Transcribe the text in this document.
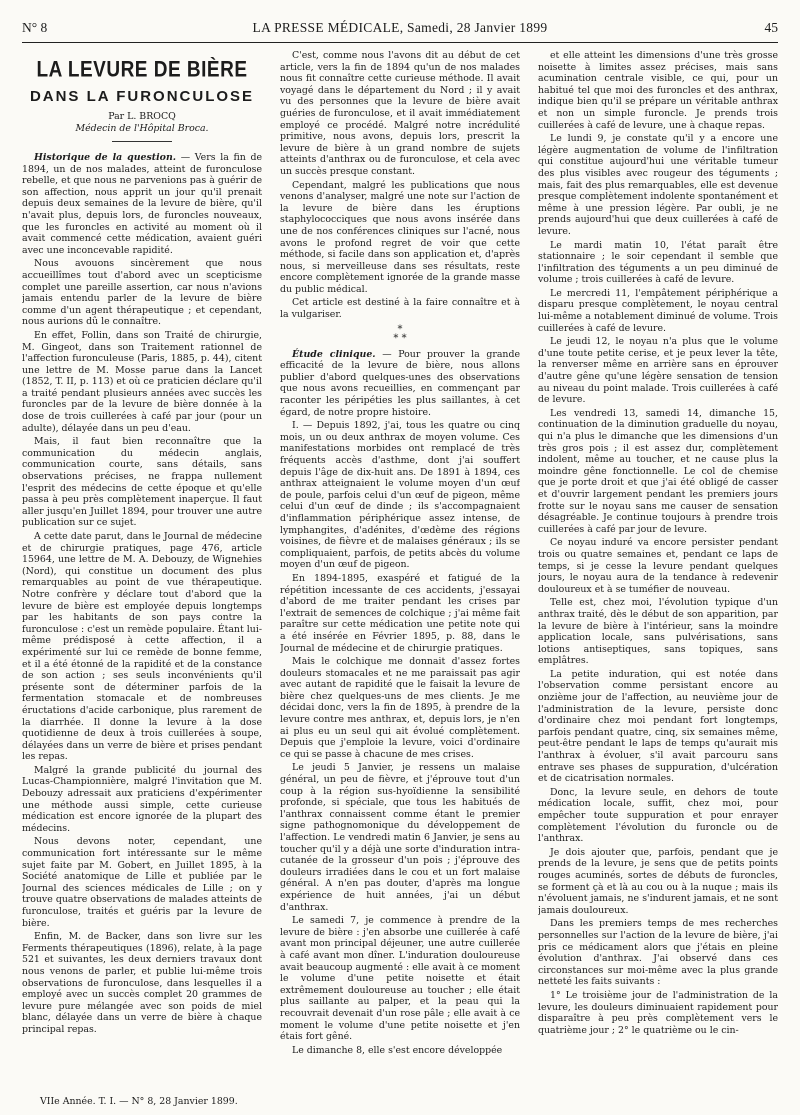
N° 8	LA PRESSE MÉDICALE, Samedi, 28 Janvier 1899	45
LA LEVURE DE BIÈRE
DANS LA FURONCULOSE
Par L. BROCQ
Médecin de l'Hôpital Broca.

Historique de la question. — Vers la fin de 1894, un de nos malades, atteint de furonculose rebelle, et que nous ne parvenions pas à guérir de son affection, nous apprit un jour qu'il prenait depuis deux semaines de la levure de bière, qu'il n'avait plus, depuis lors, de furoncles nouveaux, que les furoncles en activité au moment où il avait commencé cette médication, avaient guéri avec une inconcevable rapidité.

Nous avouons sincèrement que nous accueillîmes tout d'abord avec un scepticisme complet une pareille assertion, car nous n'avions jamais entendu parler de la levure de bière comme d'un agent thérapeutique ; et cependant, nous aurions dû le connaître.

En effet, Follin, dans son Traité de chirurgie, M. Gingeot, dans son Traitement rationnel de l'affection furonculeuse (Paris, 1885, p. 44), citent une lettre de M. Mosse parue dans la Lancet (1852, T. II, p. 113) et où ce praticien déclare qu'il a traité pendant plusieurs années avec succès les furoncles par de la levure de bière donnée à la dose de trois cuillerées à café par jour (pour un adulte), délayée dans un peu d'eau.

Mais, il faut bien reconnaître que la communication du médecin anglais, communication courte, sans détails, sans observations précises, ne frappa nullement l'esprit des médecins de cette époque et qu'elle passa à peu près complètement inaperçue. Il faut aller jusqu'en Juillet 1894, pour trouver une autre publication sur ce sujet.

A cette date parut, dans le Journal de médecine et de chirurgie pratiques, page 476, article 15964, une lettre de M. A. Debouzy, de Wignehies (Nord), qui constitue un document des plus remarquables au point de vue thérapeutique. Notre confrère y déclare tout d'abord que la levure de bière est employée depuis longtemps par les habitants de son pays contre la furonculose : c'est un remède populaire. Étant lui-même prédisposé à cette affection, il a expérimenté sur lui ce remède de bonne femme, et il a été étonné de la rapidité et de la constance de son action ; ses seuls inconvénients qu'il présente sont de déterminer parfois de la fermentation stomacale et de nombreuses éructations d'acide carbonique, plus rarement de la diarrhée. Il donne la levure à la dose quotidienne de deux à trois cuillerées à soupe, délayées dans un verre de bière et prises pendant les repas.

Malgré la grande publicité du journal des Lucas-Championnière, malgré l'invitation que M. Debouzy adressait aux praticiens d'expérimenter une méthode aussi simple, cette curieuse médication est encore ignorée de la plupart des médecins.

Nous devons noter, cependant, une communication fort intéressante sur le même sujet faite par M. Gobert, en Juillet 1895, à la Société anatomique de Lille et publiée par le Journal des sciences médicales de Lille ; on y trouve quatre observations de malades atteints de furonculose, traités et guéris par la levure de bière.

Enfin, M. de Backer, dans son livre sur les Ferments thérapeutiques (1896), relate, à la page 521 et suivantes, les deux derniers travaux dont nous venons de parler, et publie lui-même trois observations de furonculose, dans lesquelles il a employé avec un succès complet 20 grammes de levure pure mélangée avec son poids de miel blanc, délayée dans un verre de bière à chaque principal repas.

C'est, comme nous l'avons dit au début de cet article, vers la fin de 1894 qu'un de nos malades nous fit connaître cette curieuse méthode. Il avait voyagé dans le département du Nord ; il y avait vu des personnes que la levure de bière avait guéries de furonculose, et il avait immédiatement employé ce procédé. Malgré notre incrédulité primitive, nous avons, depuis lors, prescrit la levure de bière à un grand nombre de sujets atteints d'anthrax ou de furonculose, et cela avec un succès presque constant.

Cependant, malgré les publications que nous venons d'analyser, malgré une note sur l'action de la levure de bière dans les éruptions staphylococciques que nous avons insérée dans une de nos conférences cliniques sur l'acné, nous avons le profond regret de voir que cette méthode, si facile dans son application et, d'après nous, si merveilleuse dans ses résultats, reste encore complètement ignorée de la grande masse du public médical.

Cet article est destiné à la faire connaître et à la vulgariser.

*
* *

Étude clinique. — Pour prouver la grande efficacité de la levure de bière, nous allons publier d'abord quelques-unes des observations que nous avons recueillies, en commençant par raconter les péripéties les plus saillantes, à cet égard, de notre propre histoire.

I. — Depuis 1892, j'ai, tous les quatre ou cinq mois, un ou deux anthrax de moyen volume. Ces manifestations morbides ont remplacé de très fréquents accès d'asthme, dont j'ai souffert depuis l'âge de dix-huit ans. De 1891 à 1894, ces anthrax atteignaient le volume moyen d'un œuf de poule, parfois celui d'un œuf de pigeon, même celui d'un œuf de dinde ; ils s'accompagnaient d'inflammation périphérique assez intense, de lymphangites, d'adénites, d'œdème des régions voisines, de fièvre et de malaises généraux ; ils se compliquaient, parfois, de petits abcès du volume moyen d'un œuf de pigeon.

En 1894-1895, exaspéré et fatigué de la répétition incessante de ces accidents, j'essayai d'abord de me traiter pendant les crises par l'extrait de semences de colchique ; j'ai même fait paraître sur cette médication une petite note qui a été insérée en Février 1895, p. 88, dans le Journal de médecine et de chirurgie pratiques.

Mais le colchique me donnait d'assez fortes douleurs stomacales et ne me paraissait pas agir avec autant de rapidité que le faisait la levure de bière chez quelques-uns de mes clients. Je me décidai donc, vers la fin de 1895, à prendre de la levure contre mes anthrax, et, depuis lors, je n'en ai plus eu un seul qui ait évolué complètement. Depuis que j'emploie la levure, voici d'ordinaire ce qui se passe à chacune de mes crises.

Le jeudi 5 Janvier, je ressens un malaise général, un peu de fièvre, et j'éprouve tout d'un coup à la région sus-hyoïdienne la sensibilité profonde, si spéciale, que tous les habitués de l'anthrax connaissent comme étant le premier signe pathognomonique du développement de l'affection. Le vendredi matin 6 Janvier, je sens au toucher qu'il y a déjà une sorte d'induration intra-cutanée de la grosseur d'un pois ; j'éprouve des douleurs irradiées dans le cou et un fort malaise général. A n'en pas douter, d'après ma longue expérience de huit années, j'ai un début d'anthrax.

Le samedi 7, je commence à prendre de la levure de bière : j'en absorbe une cuillerée à café avant mon principal déjeuner, une autre cuillerée à café avant mon dîner. L'induration douloureuse avait beaucoup augmenté : elle avait à ce moment le volume d'une petite noisette et était extrêmement douloureuse au toucher ; elle était plus saillante au palper, et la peau qui la recouvrait devenait d'un rose pâle ; elle avait à ce moment le volume d'une petite noisette et j'en étais fort gêné.

Le dimanche 8, elle s'est encore développée

et elle atteint les dimensions d'une très grosse noisette à limites assez précises, mais sans acumination centrale visible, ce qui, pour un habitué tel que moi des furoncles et des anthrax, indique bien qu'il se prépare un véritable anthrax et non un simple furoncle. Je prends trois cuillerées à café de levure, une à chaque repas.

Le lundi 9, je constate qu'il y a encore une légère augmentation de volume de l'infiltration qui constitue aujourd'hui une véritable tumeur des plus visibles avec rougeur des téguments ; mais, fait des plus remarquables, elle est devenue presque complètement indolente spontanément et même à une pression légère. Par oubli, je ne prends aujourd'hui que deux cuillerées à café de levure.

Le mardi matin 10, l'état paraît être stationnaire ; le soir cependant il semble que l'infiltration des téguments a un peu diminué de volume ; trois cuillerées à café de levure.

Le mercredi 11, l'empâtement périphérique a disparu presque complètement, le noyau central lui-même a notablement diminué de volume. Trois cuillerées à café de levure.

Le jeudi 12, le noyau n'a plus que le volume d'une toute petite cerise, et je peux lever la tête, la renverser même en arrière sans en éprouver d'autre gêne qu'une légère sensation de tension au niveau du point malade. Trois cuillerées à café de levure.

Les vendredi 13, samedi 14, dimanche 15, continuation de la diminution graduelle du noyau, qui n'a plus le dimanche que les dimensions d'un très gros pois ; il est assez dur, complètement indolent, même au toucher, et ne cause plus la moindre gêne fonctionnelle. Le col de chemise que je porte droit et que j'ai été obligé de casser et d'ouvrir largement pendant les premiers jours frotte sur le noyau sans me causer de sensation désagréable. Je continue toujours à prendre trois cuillerées à café par jour de levure.

Ce noyau induré va encore persister pendant trois ou quatre semaines et, pendant ce laps de temps, si je cesse la levure pendant quelques jours, le noyau aura de la tendance à redevenir douloureux et à se tuméfier de nouveau.

Telle est, chez moi, l'évolution typique d'un anthrax traité, dès le début de son apparition, par la levure de bière à l'intérieur, sans la moindre application locale, sans pulvérisations, sans lotions antiseptiques, sans topiques, sans emplâtres.

La petite induration, qui est notée dans l'observation comme persistant encore au onzième jour de l'affection, au neuvième jour de l'administration de la levure, persiste donc d'ordinaire chez moi pendant fort longtemps, parfois pendant quatre, cinq, six semaines même, peut-être pendant le laps de temps qu'aurait mis l'anthrax à évoluer, s'il avait parcouru sans entrave ses phases de suppuration, d'ulcération et de cicatrisation normales.

Donc, la levure seule, en dehors de toute médication locale, suffit, chez moi, pour empêcher toute suppuration et pour enrayer complètement l'évolution du furoncle ou de l'anthrax.

Je dois ajouter que, parfois, pendant que je prends de la levure, je sens que de petits points rouges acuminés, sortes de débuts de furoncles, se forment çà et là au cou ou à la nuque ; mais ils n'évoluent jamais, ne s'indurent jamais, et ne sont jamais douloureux.

Dans les premiers temps de mes recherches personnelles sur l'action de la levure de bière, j'ai pris ce médicament alors que j'étais en pleine évolution d'anthrax. J'ai observé dans ces circonstances sur moi-même avec la plus grande netteté les faits suivants :

1° Le troisième jour de l'administration de la levure, les douleurs diminuaient rapidement pour disparaître à peu près complètement vers le quatrième jour ; 2° le quatrième ou le cin-

VIIe Année. T. I. — N° 8, 28 Janvier 1899.
